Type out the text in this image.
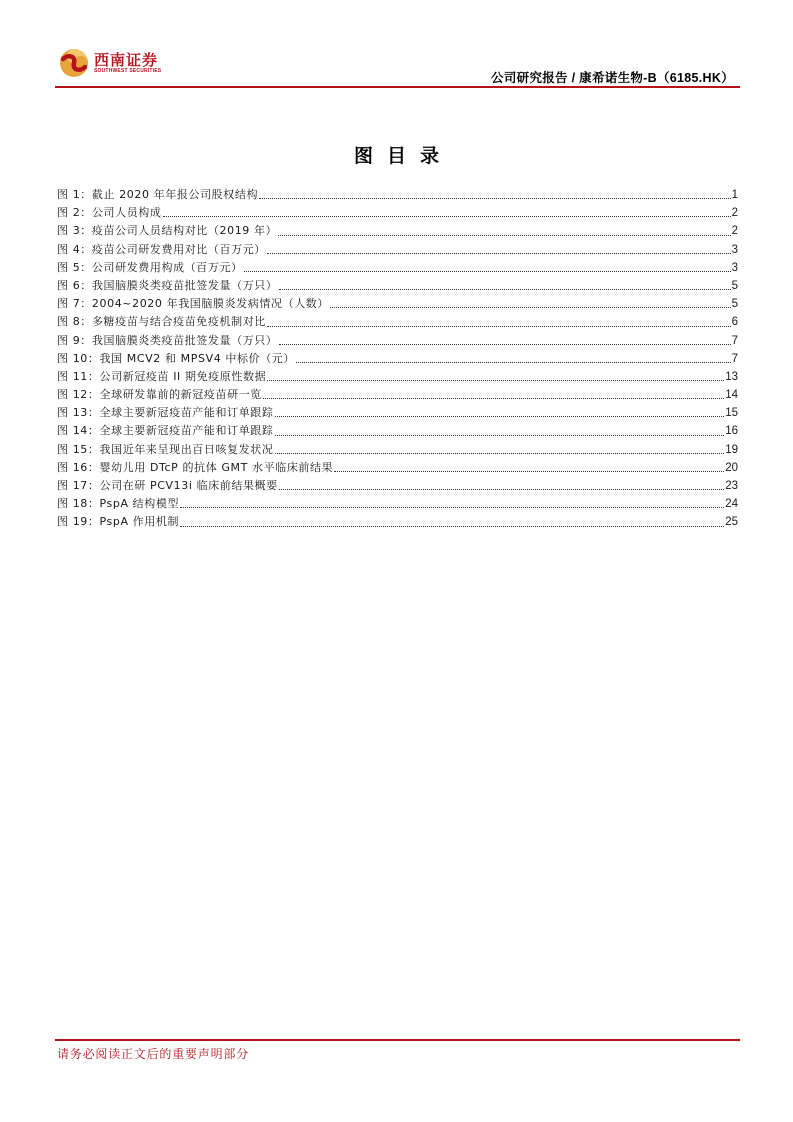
西南证券
SOUTHWEST SECURITIES
公司研究报告 / 康希诺生物-B（6185.HK）
图目录
图 1：截止 2020 年年报公司股权结构	1
图 2：公司人员构成	2
图 3：疫苗公司人员结构对比（2019 年）	2
图 4：疫苗公司研发费用对比（百万元）	3
图 5：公司研发费用构成（百万元）	3
图 6：我国脑膜炎类疫苗批签发量（万只）	5
图 7：2004~2020 年我国脑膜炎发病情况（人数）	5
图 8：多糖疫苗与结合疫苗免疫机制对比	6
图 9：我国脑膜炎类疫苗批签发量（万只）	7
图 10：我国 MCV2 和 MPSV4 中标价（元）	7
图 11：公司新冠疫苗 II 期免疫原性数据	13
图 12：全球研发靠前的新冠疫苗研一览	14
图 13：全球主要新冠疫苗产能和订单跟踪	15
图 14：全球主要新冠疫苗产能和订单跟踪	16
图 15：我国近年来呈现出百日咳复发状况	19
图 16：婴幼儿用 DTcP 的抗体 GMT 水平临床前结果	20
图 17：公司在研 PCV13i 临床前结果概要	23
图 18：PspA 结构模型	24
图 19：PspA 作用机制	25
请务必阅读正文后的重要声明部分
